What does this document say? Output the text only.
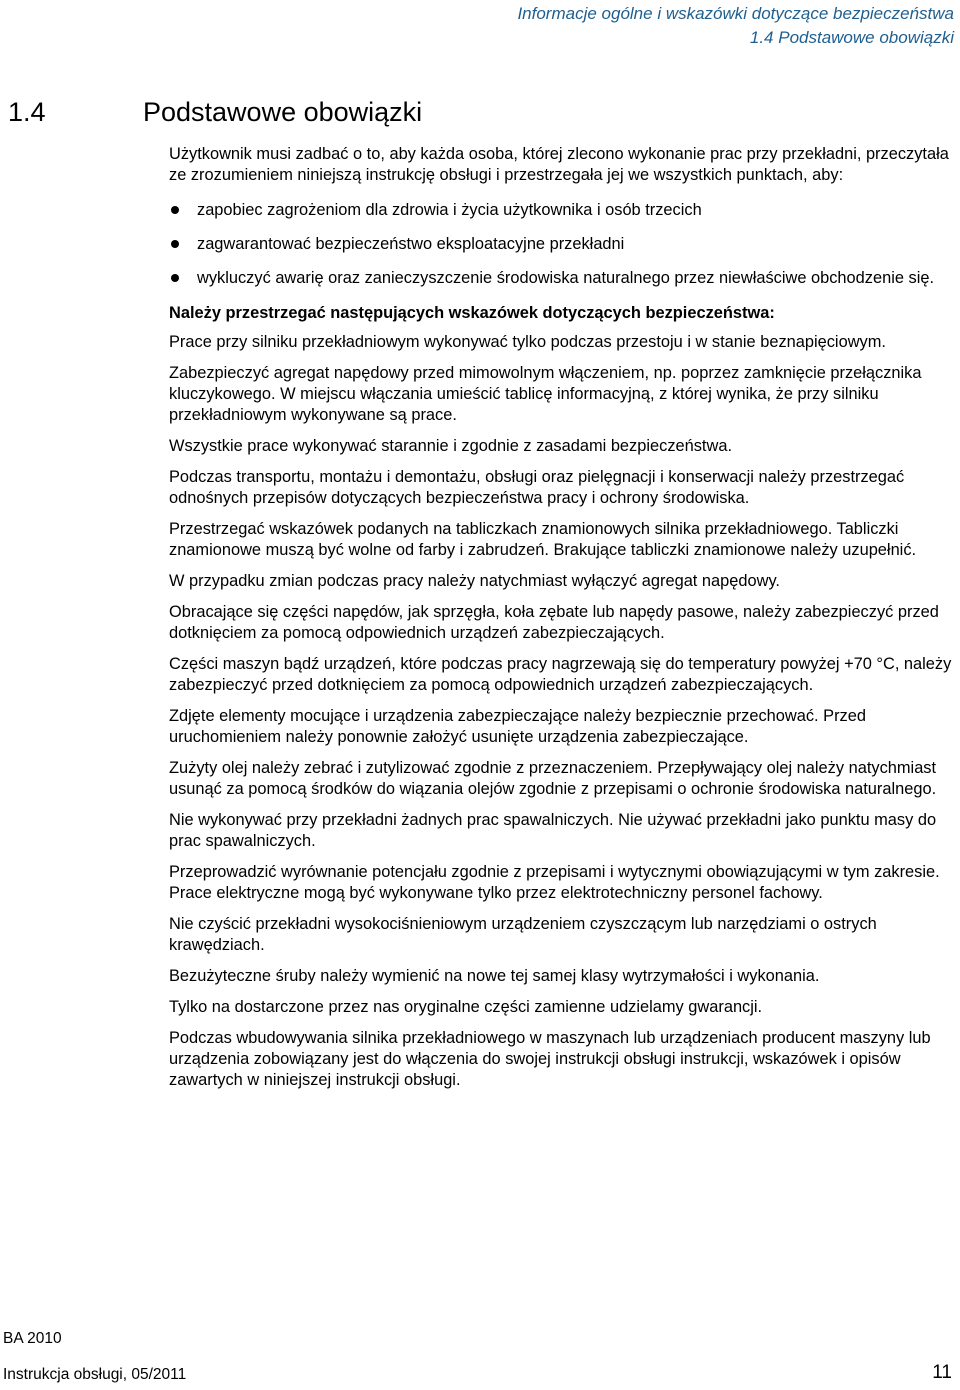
Informacje ogólne i wskazówki dotyczące bezpieczeństwa
1.4 Podstawowe obowiązki
1.4	Podstawowe obowiązki

Użytkownik musi zadbać o to, aby każda osoba, której zlecono wykonanie prac przy przekładni, przeczytała ze zrozumieniem niniejszą instrukcję obsługi i przestrzegała jej we wszystkich punktach, aby:

zapobiec zagrożeniom dla zdrowia i życia użytkownika i osób trzecich
zagwarantować bezpieczeństwo eksploatacyjne przekładni
wykluczyć awarię oraz zanieczyszczenie środowiska naturalnego przez niewłaściwe obchodzenie się.

Należy przestrzegać następujących wskazówek dotyczących bezpieczeństwa:

Prace przy silniku przekładniowym wykonywać tylko podczas przestoju i w stanie beznapięciowym.

Zabezpieczyć agregat napędowy przed mimowolnym włączeniem, np. poprzez zamknięcie przełącznika kluczykowego. W miejscu włączania umieścić tablicę informacyjną, z której wynika, że przy silniku przekładniowym wykonywane są prace.

Wszystkie prace wykonywać starannie i zgodnie z zasadami bezpieczeństwa.

Podczas transportu, montażu i demontażu, obsługi oraz pielęgnacji i konserwacji należy przestrzegać odnośnych przepisów dotyczących bezpieczeństwa pracy i ochrony środowiska.

Przestrzegać wskazówek podanych na tabliczkach znamionowych silnika przekładniowego. Tabliczki znamionowe muszą być wolne od farby i zabrudzeń. Brakujące tabliczki znamionowe należy uzupełnić.

W przypadku zmian podczas pracy należy natychmiast wyłączyć agregat napędowy.

Obracające się części napędów, jak sprzęgła, koła zębate lub napędy pasowe, należy zabezpieczyć przed dotknięciem za pomocą odpowiednich urządzeń zabezpieczających.

Części maszyn bądź urządzeń, które podczas pracy nagrzewają się do temperatury powyżej +70 °C, należy zabezpieczyć przed dotknięciem za pomocą odpowiednich urządzeń zabezpieczających.

Zdjęte elementy mocujące i urządzenia zabezpieczające należy bezpiecznie przechować. Przed uruchomieniem należy ponownie założyć usunięte urządzenia zabezpieczające.

Zużyty olej należy zebrać i zutylizować zgodnie z przeznaczeniem. Przepływający olej należy natychmiast usunąć za pomocą środków do wiązania olejów zgodnie z przepisami o ochronie środowiska naturalnego.

Nie wykonywać przy przekładni żadnych prac spawalniczych. Nie używać przekładni jako punktu masy do prac spawalniczych.

Przeprowadzić wyrównanie potencjału zgodnie z przepisami i wytycznymi obowiązującymi w tym zakresie. Prace elektryczne mogą być wykonywane tylko przez elektrotechniczny personel fachowy.

Nie czyścić przekładni wysokociśnieniowym urządzeniem czyszczącym lub narzędziami o ostrych krawędziach.

Bezużyteczne śruby należy wymienić na nowe tej samej klasy wytrzymałości i wykonania.

Tylko na dostarczone przez nas oryginalne części zamienne udzielamy gwarancji.

Podczas wbudowywania silnika przekładniowego w maszynach lub urządzeniach producent maszyny lub urządzenia zobowiązany jest do włączenia do swojej instrukcji obsługi instrukcji, wskazówek i opisów zawartych w niniejszej instrukcji obsługi.

BA 2010
Instrukcja obsługi, 05/2011	11
